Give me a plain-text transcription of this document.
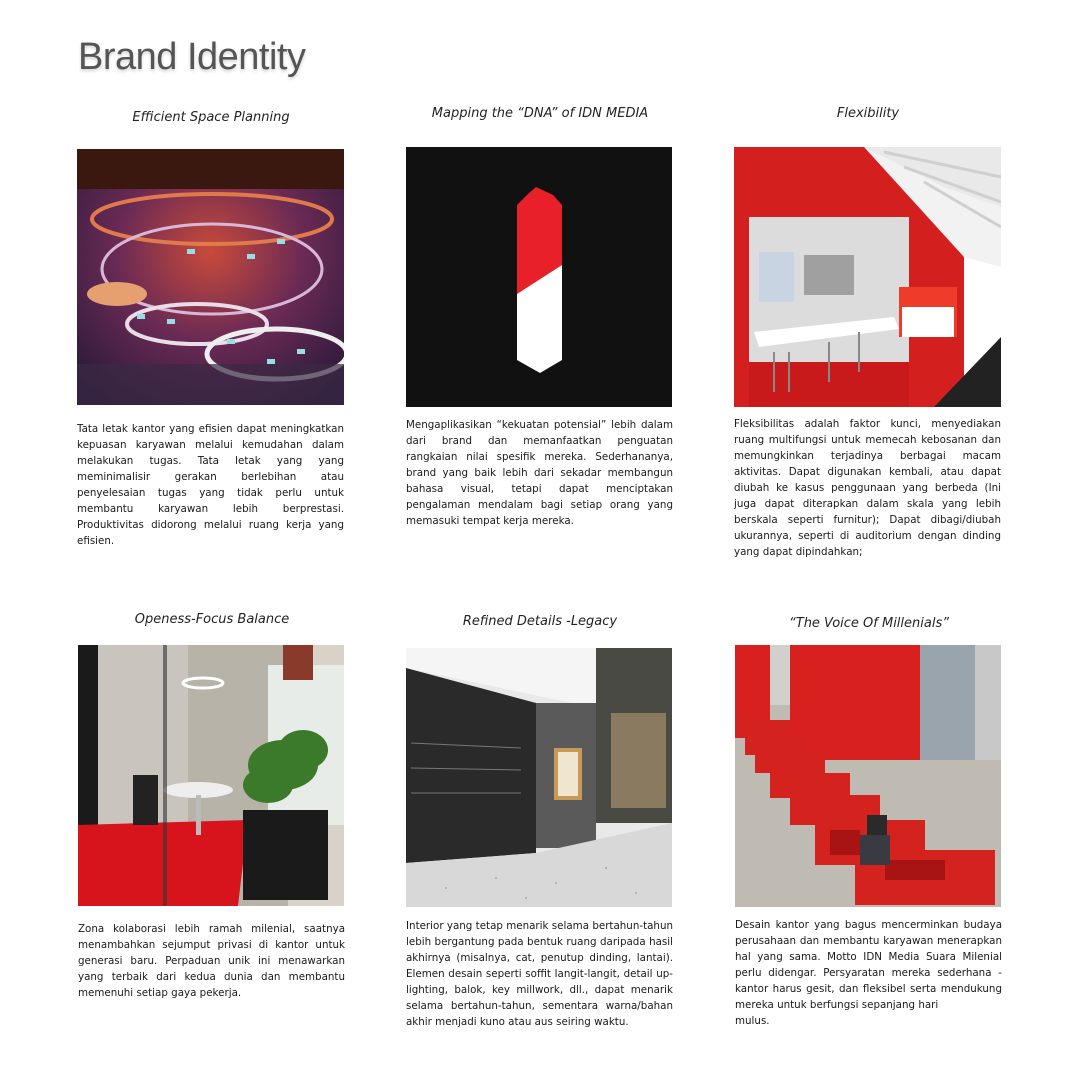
Brand Identity
Efficient Space Planning
Tata letak kantor yang efisien dapat meningkatkan kepuasan karyawan melalui kemudahan dalam melakukan tugas. Tata letak yang yang meminimalisir gerakan berlebihan atau penyelesaian tugas yang tidak perlu untuk membantu karyawan lebih berprestasi. Produktivitas didorong melalui ruang kerja yang efisien.
Mapping the “DNA” of IDN MEDIA
Mengaplikasikan “kekuatan potensial” lebih dalam dari brand dan memanfaatkan penguatan rangkaian nilai spesifik mereka. Sederhananya, brand yang baik lebih dari sekadar membangun bahasa visual, tetapi dapat menciptakan pengalaman mendalam bagi setiap orang yang memasuki tempat kerja mereka.
Flexibility
Fleksibilitas adalah faktor kunci, menyediakan ruang multifungsi untuk memecah kebosanan dan memungkinkan terjadinya berbagai macam aktivitas. Dapat digunakan kembali, atau dapat diubah ke kasus penggunaan yang berbeda (Ini juga dapat diterapkan dalam skala yang lebih berskala seperti furnitur); Dapat dibagi/diubah ukurannya, seperti di auditorium dengan dinding yang dapat dipindahkan;
Openess-Focus Balance
Zona kolaborasi lebih ramah milenial, saatnya menambahkan sejumput privasi di kantor untuk generasi baru. Perpaduan unik ini menawarkan yang terbaik dari kedua dunia dan membantu memenuhi setiap gaya pekerja.
Refined Details -Legacy
Interior yang tetap menarik selama bertahun-tahun lebih bergantung pada bentuk ruang daripada hasil akhirnya (misalnya, cat, penutup dinding, lantai). Elemen desain seperti soffit langit-langit, detail up-lighting, balok, key millwork, dll., dapat menarik selama bertahun-tahun, sementara warna/bahan akhir menjadi kuno atau aus seiring waktu.
“The Voice Of Millenials”
Desain kantor yang bagus mencerminkan budaya perusahaan dan membantu karyawan menerapkan hal yang sama. Motto IDN Media Suara Milenial perlu didengar. Persyaratan mereka sederhana - kantor harus gesit, dan fleksibel serta mendukung mereka untuk berfungsi sepanjang hari
mulus.
